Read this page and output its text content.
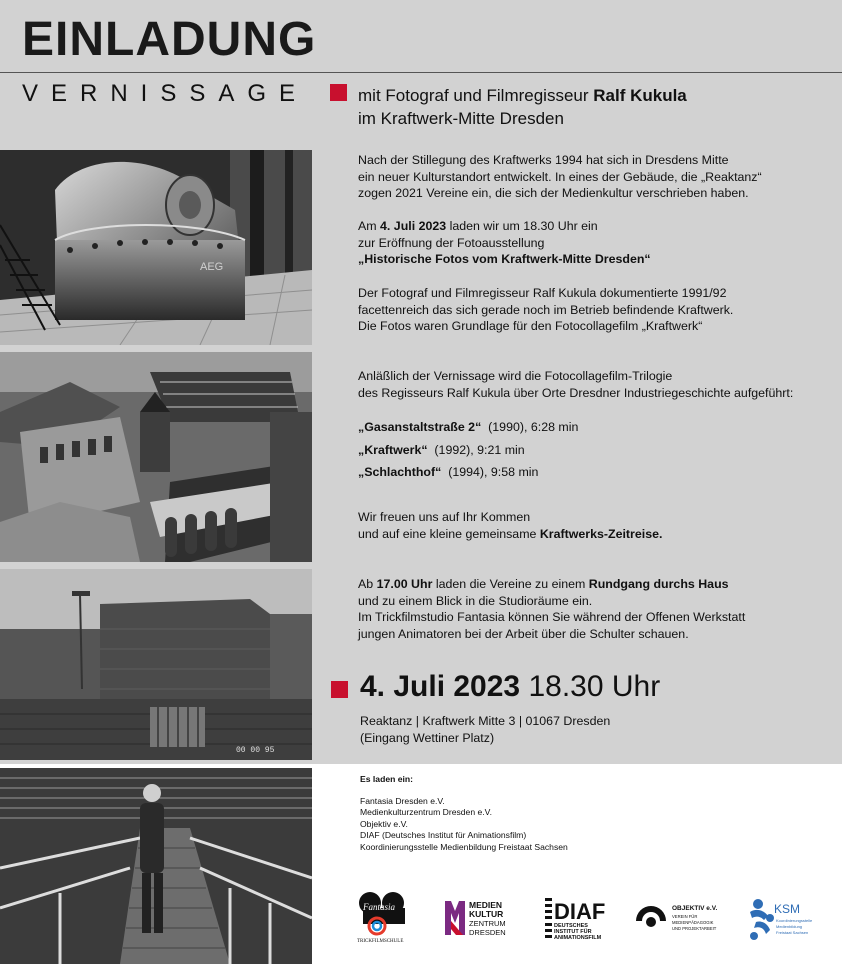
EINLADUNG
VERNISSAGE	mit Fotograf und Filmregisseur Ralf Kukula
im Kraftwerk-Mitte Dresden
AEG
00 00 95
Nach der Stillegung des Kraftwerks 1994 hat sich in Dresdens Mitte
ein neuer Kulturstandort entwickelt. In eines der Gebäude, die „Reaktanz“
zogen 2021 Vereine ein, die sich der Medienkultur verschrieben haben.
Am 4. Juli 2023 laden wir um 18.30 Uhr ein
zur Eröffnung der Fotoausstellung
„Historische Fotos vom Kraftwerk-Mitte Dresden“
Der Fotograf und Filmregisseur Ralf Kukula dokumentierte 1991/92
facettenreich das sich gerade noch im Betrieb befindende Kraftwerk.
Die Fotos waren Grundlage für den Fotocollagefilm „Kraftwerk“
Anläßlich der Vernissage wird die Fotocollagefilm-Trilogie
des Regisseurs Ralf Kukula über Orte Dresdner Industriegeschichte aufgeführt:
„Gasanstaltstraße 2“  (1990), 6:28 min
„Kraftwerk“  (1992), 9:21 min
„Schlachthof“  (1994), 9:58 min
Wir freuen uns auf Ihr Kommen
und auf eine kleine gemeinsame Kraftwerks-Zeitreise.
Ab 17.00 Uhr laden die Vereine zu einem Rundgang durchs Haus
und zu einem Blick in die Studioräume ein.
Im Trickfilmstudio Fantasia können Sie während der Offenen Werkstatt
jungen Animatoren bei der Arbeit über die Schulter schauen.
4. Juli 2023 18.30 Uhr
Reaktanz | Kraftwerk Mitte 3 | 01067 Dresden
(Eingang Wettiner Platz)
Es laden ein:
Fantasia Dresden e.V.
Medienkulturzentrum Dresden e.V.
Objektiv e.V.
DIAF (Deutsches Institut für Animationsfilm)
Koordinierungsstelle Medienbildung Freistaat Sachsen
Fantasia
TRICKFILMSCHULE
MEDIEN
KULTUR
ZENTRUM
DRESDEN
DIAF
DEUTSCHES
INSTITUT FÜR
ANIMATIONSFILM
OBJEKTIV e.V.
VEREIN FÜR
MEDIENPÄDAGOGIK
UND PROJEKTARBEIT
KSM
Koordinierungsstelle
Medienbildung
Freistaat Sachsen
